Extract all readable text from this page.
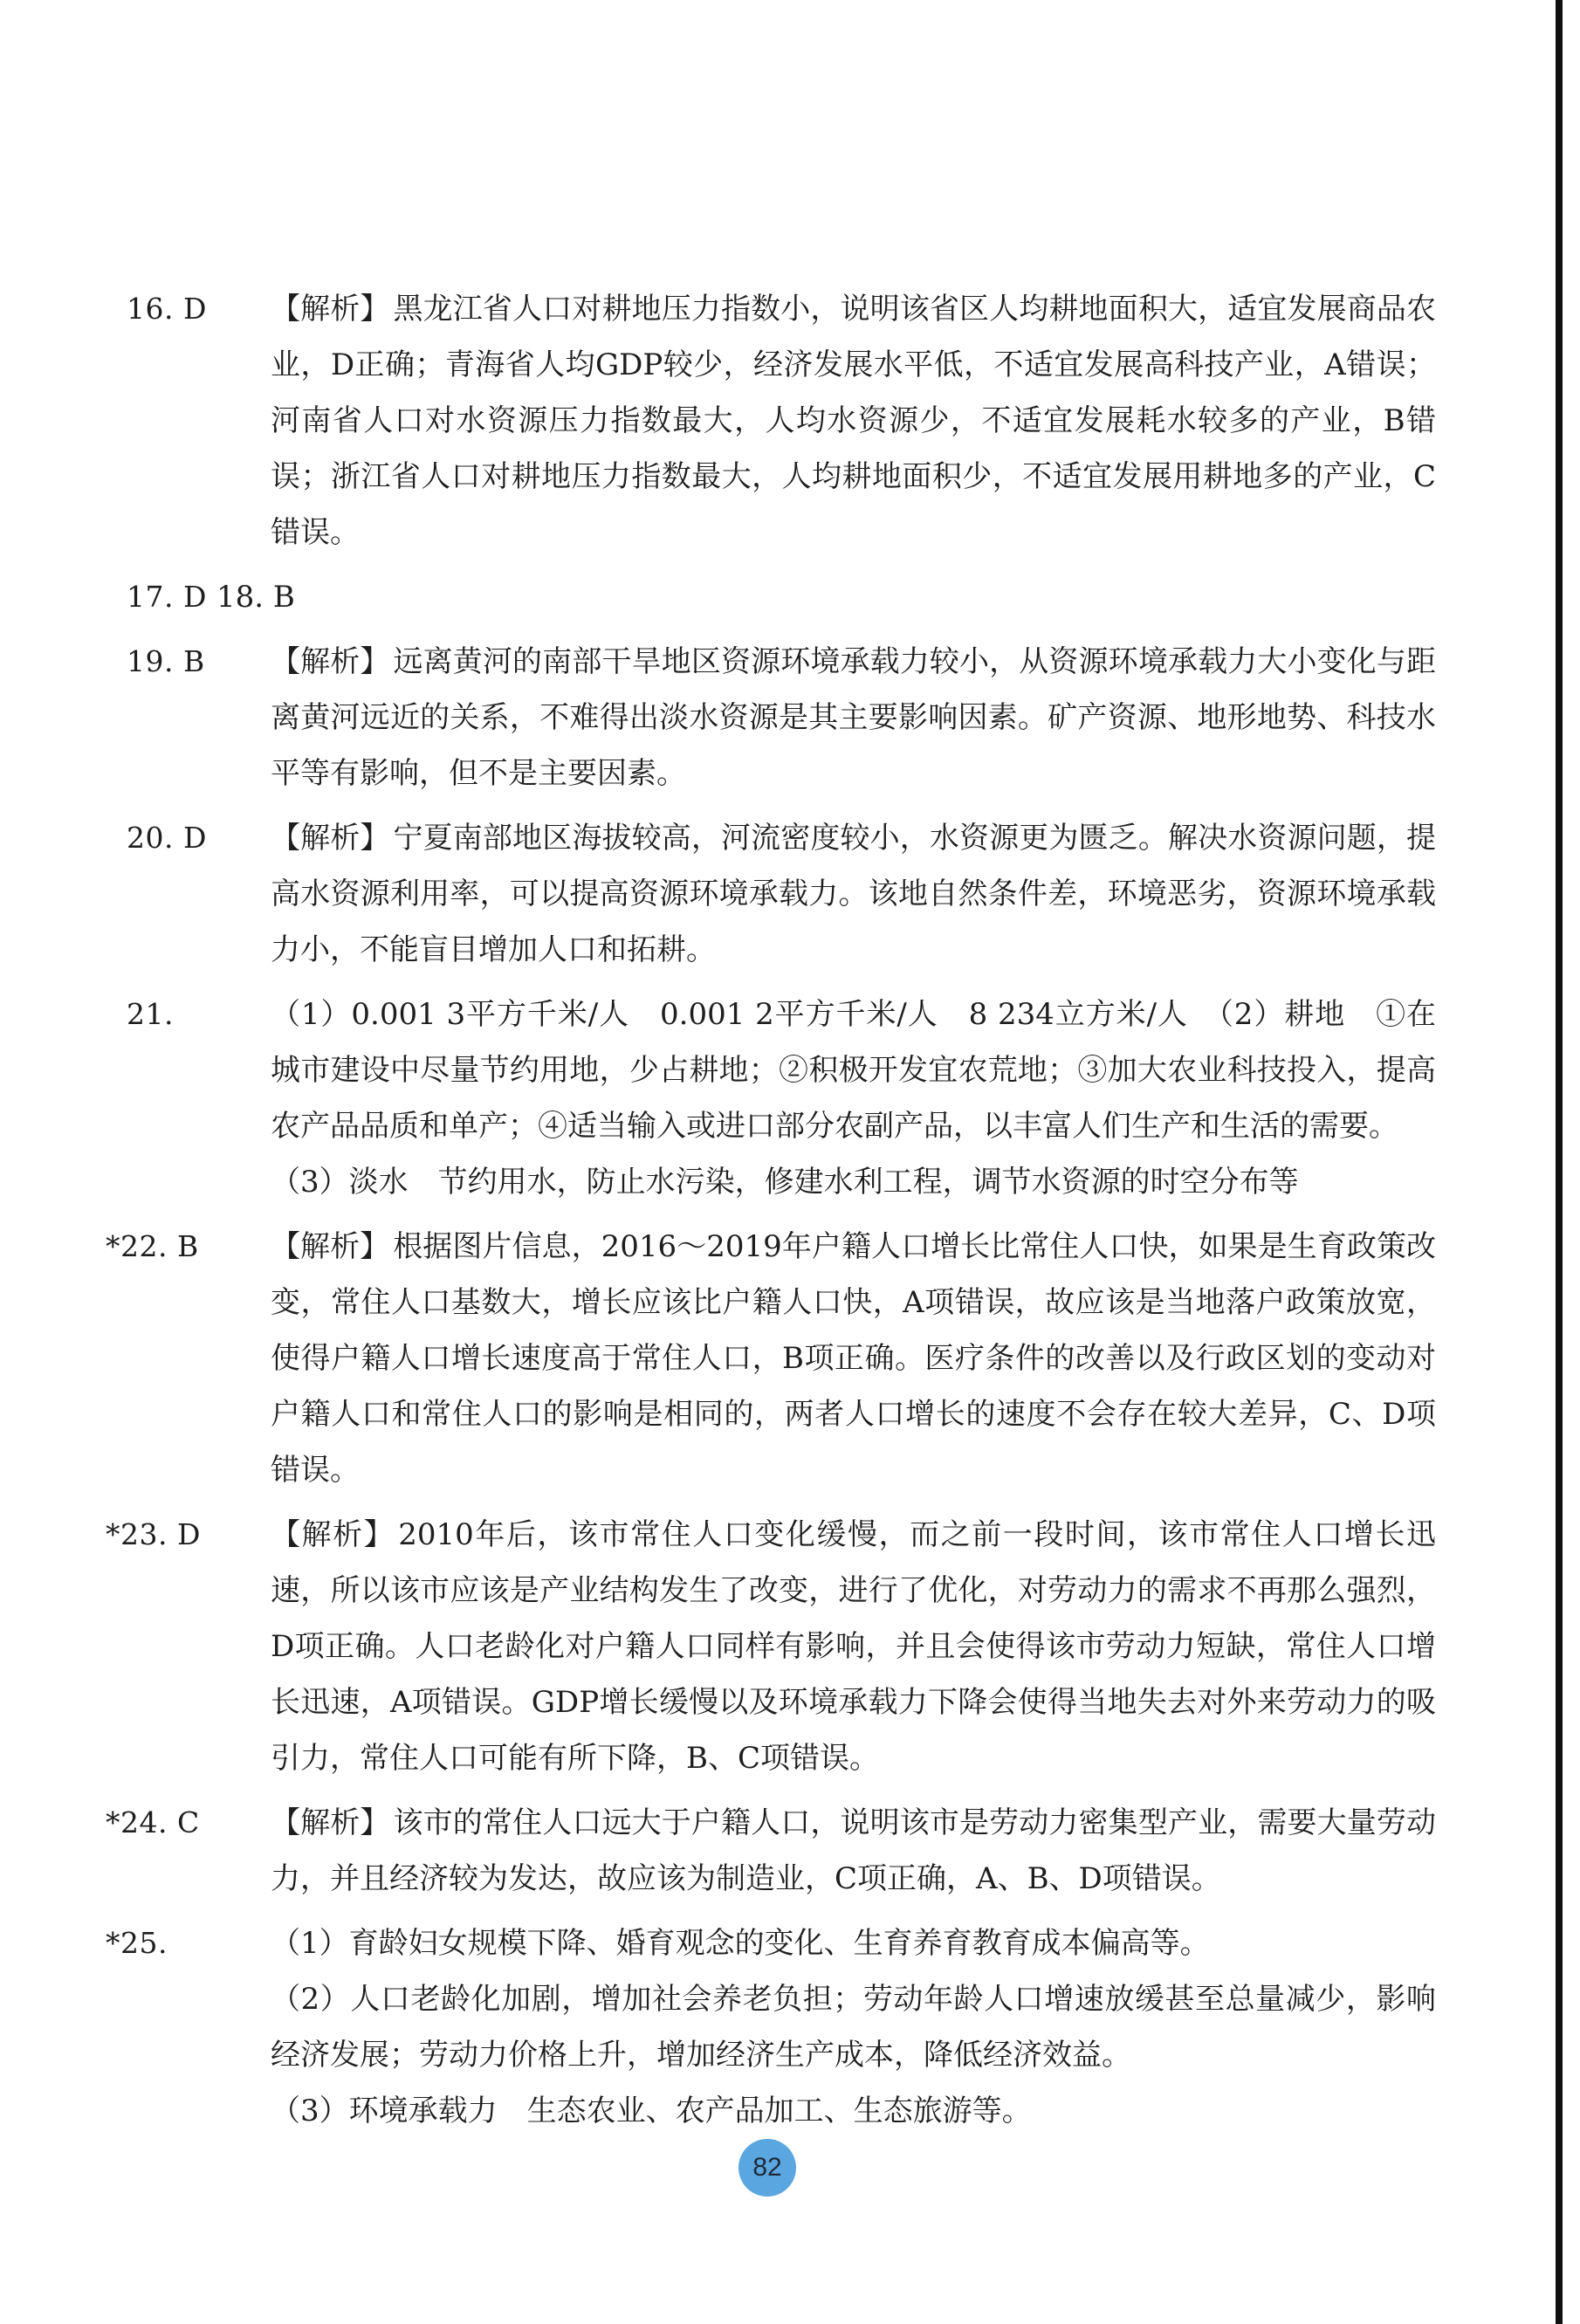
16. D	【解析】 黑龙江省人口对耕地压力指数小，说明该省区人均耕地面积大，适宜发展商品农业，D正确；青海省人均GDP较少，经济发展水平低，不适宜发展高科技产业，A错误；河南省人口对水资源压力指数最大，人均水资源少，不适宜发展耗水较多的产业，B错误；浙江省人口对耕地压力指数最大，人均耕地面积少，不适宜发展用耕地多的产业，C错误。
17. D 18. B
19. B	【解析】 远离黄河的南部干旱地区资源环境承载力较小，从资源环境承载力大小变化与距离黄河远近的关系，不难得出淡水资源是其主要影响因素。矿产资源、地形地势、科技水平等有影响，但不是主要因素。
20. D	【解析】 宁夏南部地区海拔较高，河流密度较小，水资源更为匮乏。解决水资源问题，提高水资源利用率，可以提高资源环境承载力。该地自然条件差，环境恶劣，资源环境承载力小，不能盲目增加人口和拓耕。
21.	（1）0.001 3平方千米/人　0.001 2平方千米/人　8 234立方米/人　（2）耕地　①在城市建设中尽量节约用地，少占耕地；②积极开发宜农荒地；③加大农业科技投入，提高农产品品质和单产；④适当输入或进口部分农副产品，以丰富人们生产和生活的需要。
（3）淡水　节约用水，防止水污染，修建水利工程，调节水资源的时空分布等
*22. B	【解析】 根据图片信息，2016～2019年户籍人口增长比常住人口快，如果是生育政策改变，常住人口基数大，增长应该比户籍人口快，A项错误，故应该是当地落户政策放宽，使得户籍人口增长速度高于常住人口，B项正确。医疗条件的改善以及行政区划的变动对户籍人口和常住人口的影响是相同的，两者人口增长的速度不会存在较大差异，C、D项错误。
*23. D	【解析】 2010年后，该市常住人口变化缓慢，而之前一段时间，该市常住人口增长迅速，所以该市应该是产业结构发生了改变，进行了优化，对劳动力的需求不再那么强烈，D项正确。人口老龄化对户籍人口同样有影响，并且会使得该市劳动力短缺，常住人口增长迅速，A项错误。GDP增长缓慢以及环境承载力下降会使得当地失去对外来劳动力的吸引力，常住人口可能有所下降，B、C项错误。
*24. C	【解析】 该市的常住人口远大于户籍人口，说明该市是劳动力密集型产业，需要大量劳动力，并且经济较为发达，故应该为制造业，C项正确，A、B、D项错误。
*25.	（1）育龄妇女规模下降、婚育观念的变化、生育养育教育成本偏高等。
（2）人口老龄化加剧，增加社会养老负担；劳动年龄人口增速放缓甚至总量减少，影响经济发展；劳动力价格上升，增加经济生产成本，降低经济效益。
（3）环境承载力　生态农业、农产品加工、生态旅游等。
82
